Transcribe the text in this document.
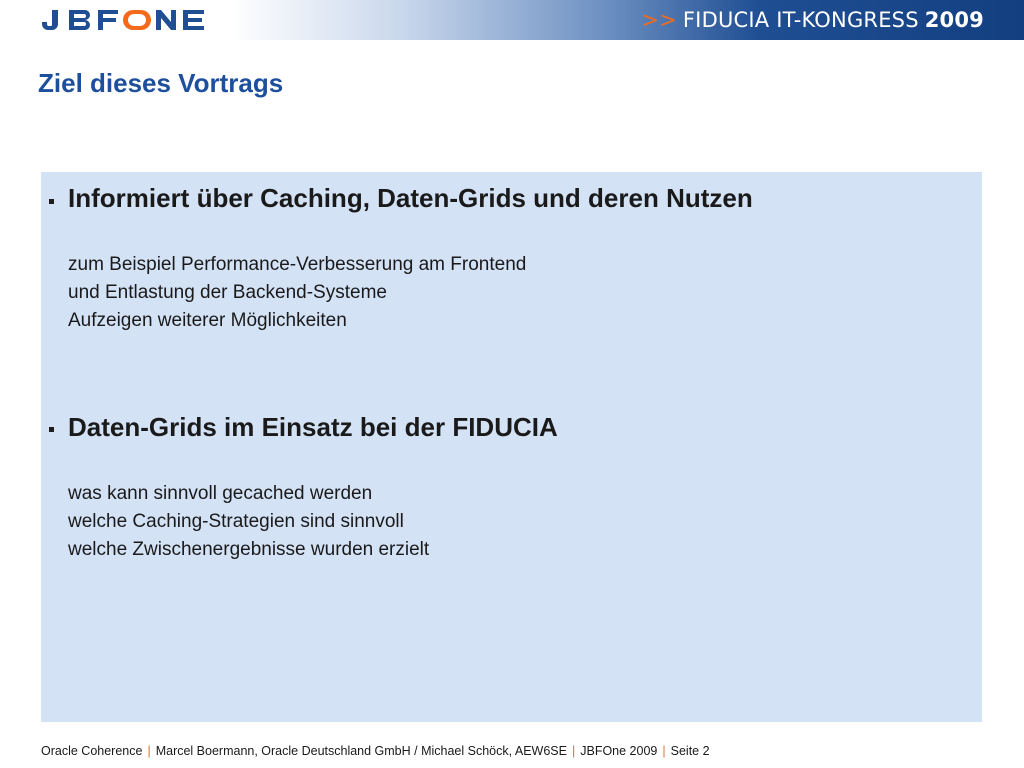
>> FIDUCIA IT-KONGRESS 2009
Ziel dieses Vortrags
Informiert über Caching, Daten-Grids und deren Nutzen
zum Beispiel Performance-Verbesserung am Frontend
und Entlastung der Backend-Systeme
Aufzeigen weiterer Möglichkeiten
Daten-Grids im Einsatz bei der FIDUCIA
was kann sinnvoll gecached werden
welche Caching-Strategien sind sinnvoll
welche Zwischenergebnisse wurden erzielt
Oracle Coherence | Marcel Boermann, Oracle Deutschland GmbH / Michael Schöck, AEW6SE | JBFOne 2009 | Seite 2
